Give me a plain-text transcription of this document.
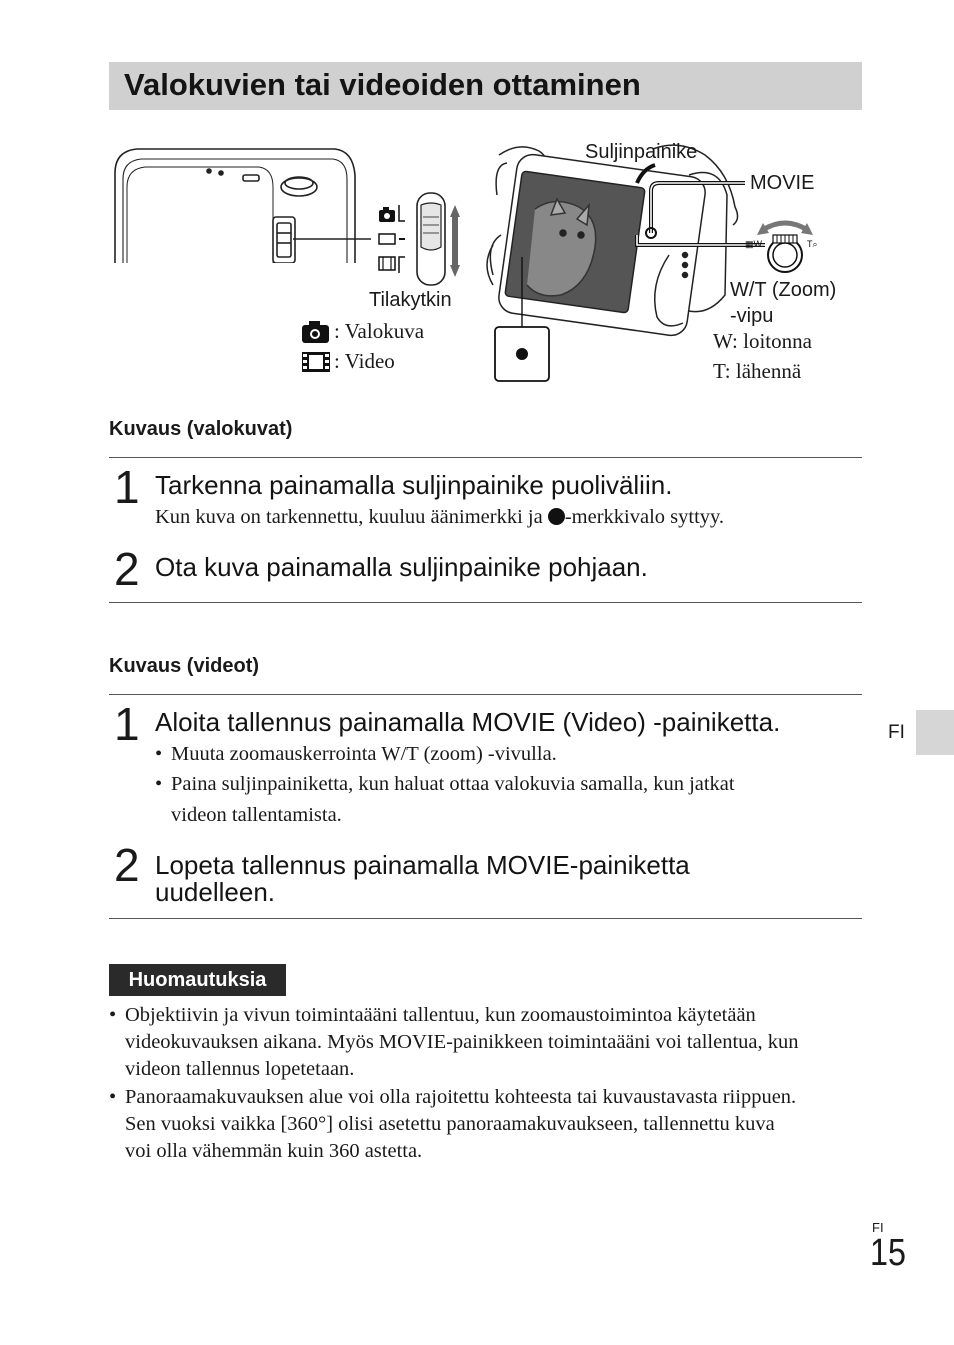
Valokuvien tai videoiden ottaminen
▦W	T⌕
Suljinpainike
MOVIE
Tilakytkin	W/T (Zoom)
-vipu
: Valokuva
: Video
W: loitonna
T: lähennä
Kuvaus (valokuvat)
1 Tarkenna painamalla suljinpainike puoliväliin.
Kun kuva on tarkennettu, kuuluu äänimerkki ja -merkkivalo syttyy.
2 Ota kuva painamalla suljinpainike pohjaan.
Kuvaus (videot)
1 Aloita tallennus painamalla MOVIE (Video) -painiketta.
• Muuta zoomauskerrointa W/T (zoom) -vivulla.
• Paina suljinpainiketta, kun haluat ottaa valokuvia samalla, kun jatkat
videon tallentamista.
2 Lopeta tallennus painamalla MOVIE-painiketta
uudelleen.
Huomautuksia
• Objektiivin ja vivun toimintaääni tallentuu, kun zoomaustoimintoa käytetään
videokuvauksen aikana. Myös MOVIE-painikkeen toimintaääni voi tallentua, kun
videon tallennus lopetetaan.
• Panoraamakuvauksen alue voi olla rajoitettu kohteesta tai kuvaustavasta riippuen.
Sen vuoksi vaikka [360°] olisi asetettu panoraamakuvaukseen, tallennettu kuva
voi olla vähemmän kuin 360 astetta.
FI
FI
15
